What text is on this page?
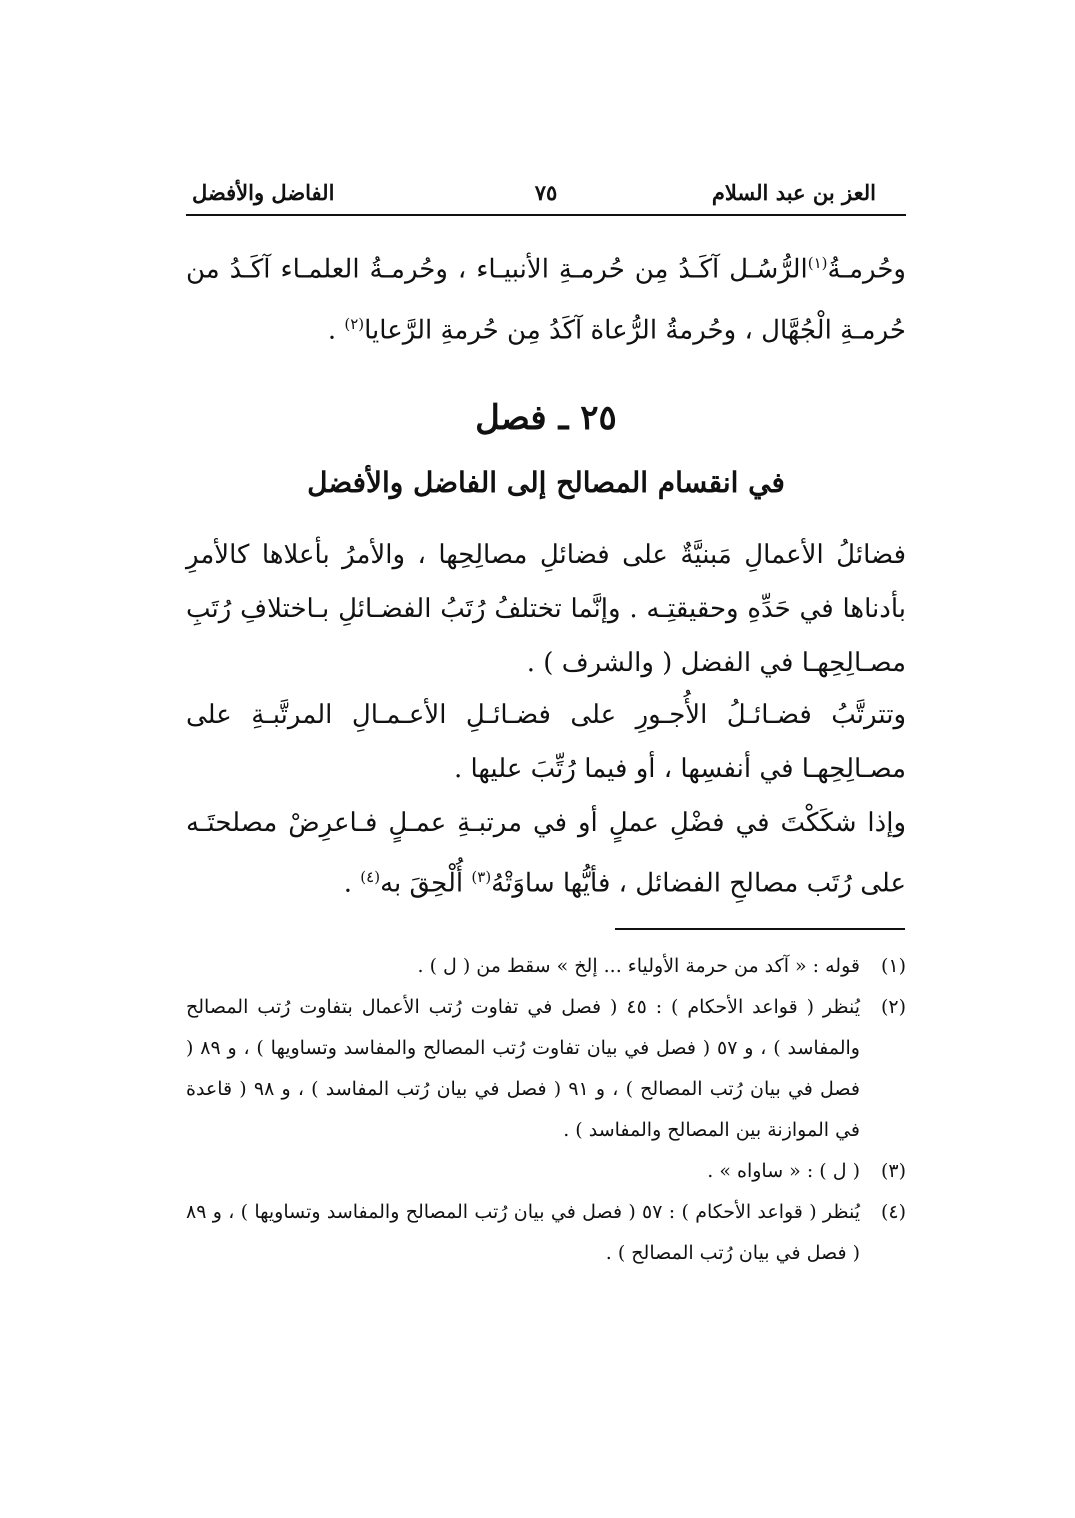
العز بن عبد السلام
٧٥
الفاضل والأفضل
وحُرمـةُ$^{(١)}$الرُّسُـل آكَـدُ مِن حُرمـةِ الأنبيـاء ، وحُرمـةُ العلمـاء آكَـدُ من حُرمـةِ الْجُهَّال ، وحُرمةُ الرُّعاة آكَدُ مِن حُرمةِ الرَّعايا$^{(٢)}$ .
٢٥ ـ فصل
في انقسام المصالح إلى الفاضل والأفضل
فضائلُ الأعمالِ مَبنيَّةٌ على فضائلِ مصالِحِها ، والأمرُ بأعلاها كالأمرِ بأدناها في حَدِّهِ وحقيقتِـه . وإنَّما تختلفُ رُتَبُ الفضـائلِ بـاختلافِ رُتَبِ مصـالِحِهـا في الفضل ( والشرف ) .
وتترتَّبُ فضـائـلُ الأُجـورِ على فضـائـلِ الأعـمـالِ المرتَّبـةِ على مصـالِحِهـا في أنفسِها ، أو فيما رُتِّبَ عليها .
وإذا شكَكْتَ في فضْلِ عملٍ أو في مرتبـةِ عمـلٍ فـاعرِضْ مصلحتَـه على رُتَب مصالحِ الفضائل ، فأيُّها ساوَتْهُ$^{(٣)}$ أُلْحِقَ به$^{(٤)}$ .
(١)
قوله : « آكد من حرمة الأولياء ... إلخ » سقط من ( ل ) .
(٢)
يُنظر ( قواعد الأحكام ) : ٤٥ ( فصل في تفاوت رُتب الأعمال بتفاوت رُتب المصالح والمفاسد ) ، و ٥٧ ( فصل في بيان تفاوت رُتب المصالح والمفاسد وتساويها ) ، و ٨٩ ( فصل في بيان رُتب المصالح ) ، و ٩١ ( فصل في بيان رُتب المفاسد ) ، و ٩٨ ( قاعدة في الموازنة بين المصالح والمفاسد ) .
(٣)
( ل ) : « ساواه » .
(٤)
يُنظر ( قواعد الأحكام ) : ٥٧ ( فصل في بيان رُتب المصالح والمفاسد وتساويها ) ، و ٨٩ ( فصل في بيان رُتب المصالح ) .
